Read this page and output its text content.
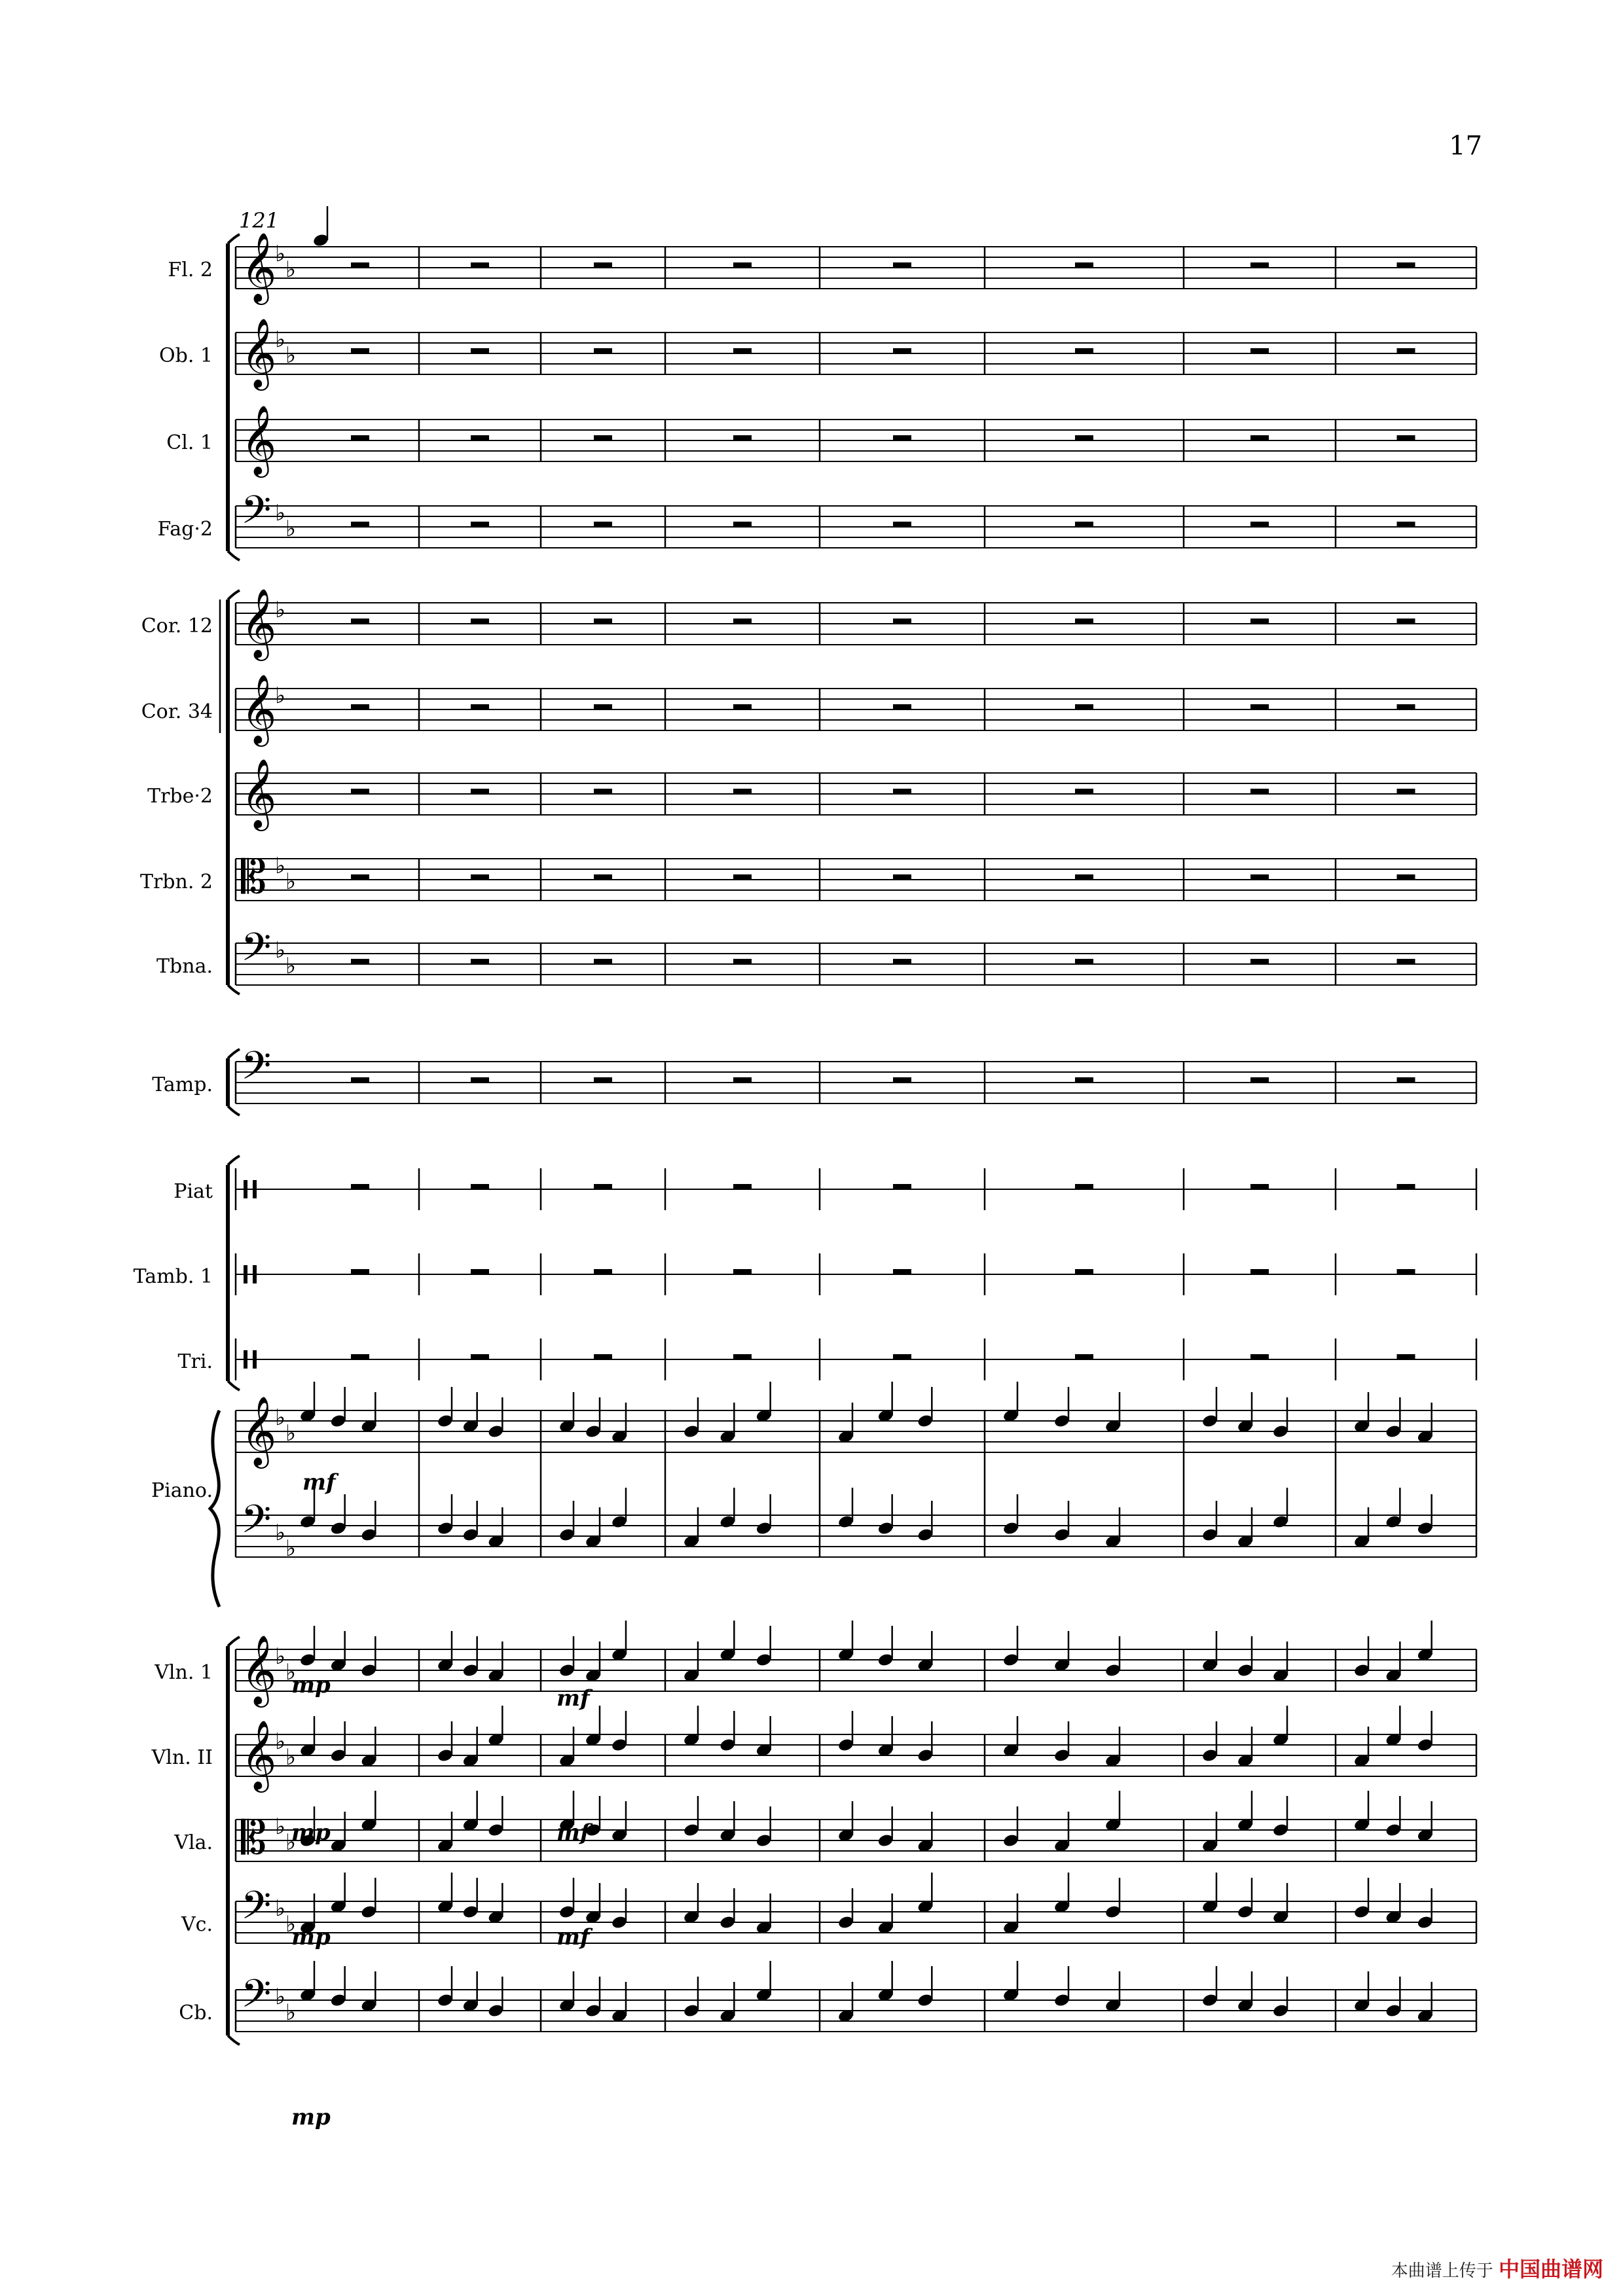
17
121
𝄞
♭
♭
𝄞
♭
♭
𝄞
𝄢 ♭
♭
𝄞
♭
𝄞
♭
𝄞
𝄡 ♭
♭
𝄢 ♭
♭
𝄢
𝄞
𝄢
♭
♭
♭
♭
𝄞
♭
♭
𝄞
♭
♭
𝄡 ♭
♭
𝄢 ♭
♭
𝄢 ♭
♭
Fl. 2
Ob. 1
Cl. 1
Fag·2
Cor. 12
Cor. 34
Trbe·2
Trbn. 2
Tbna.
Tamp.
Piat
Tamb. 1
Tri.
Piano.
Vln. 1
Vln. II
Vla.
Vc.
Cb.
mf
mp	mf
mp	mf
mp	mf
mp
本曲谱上传于 中国曲谱网
